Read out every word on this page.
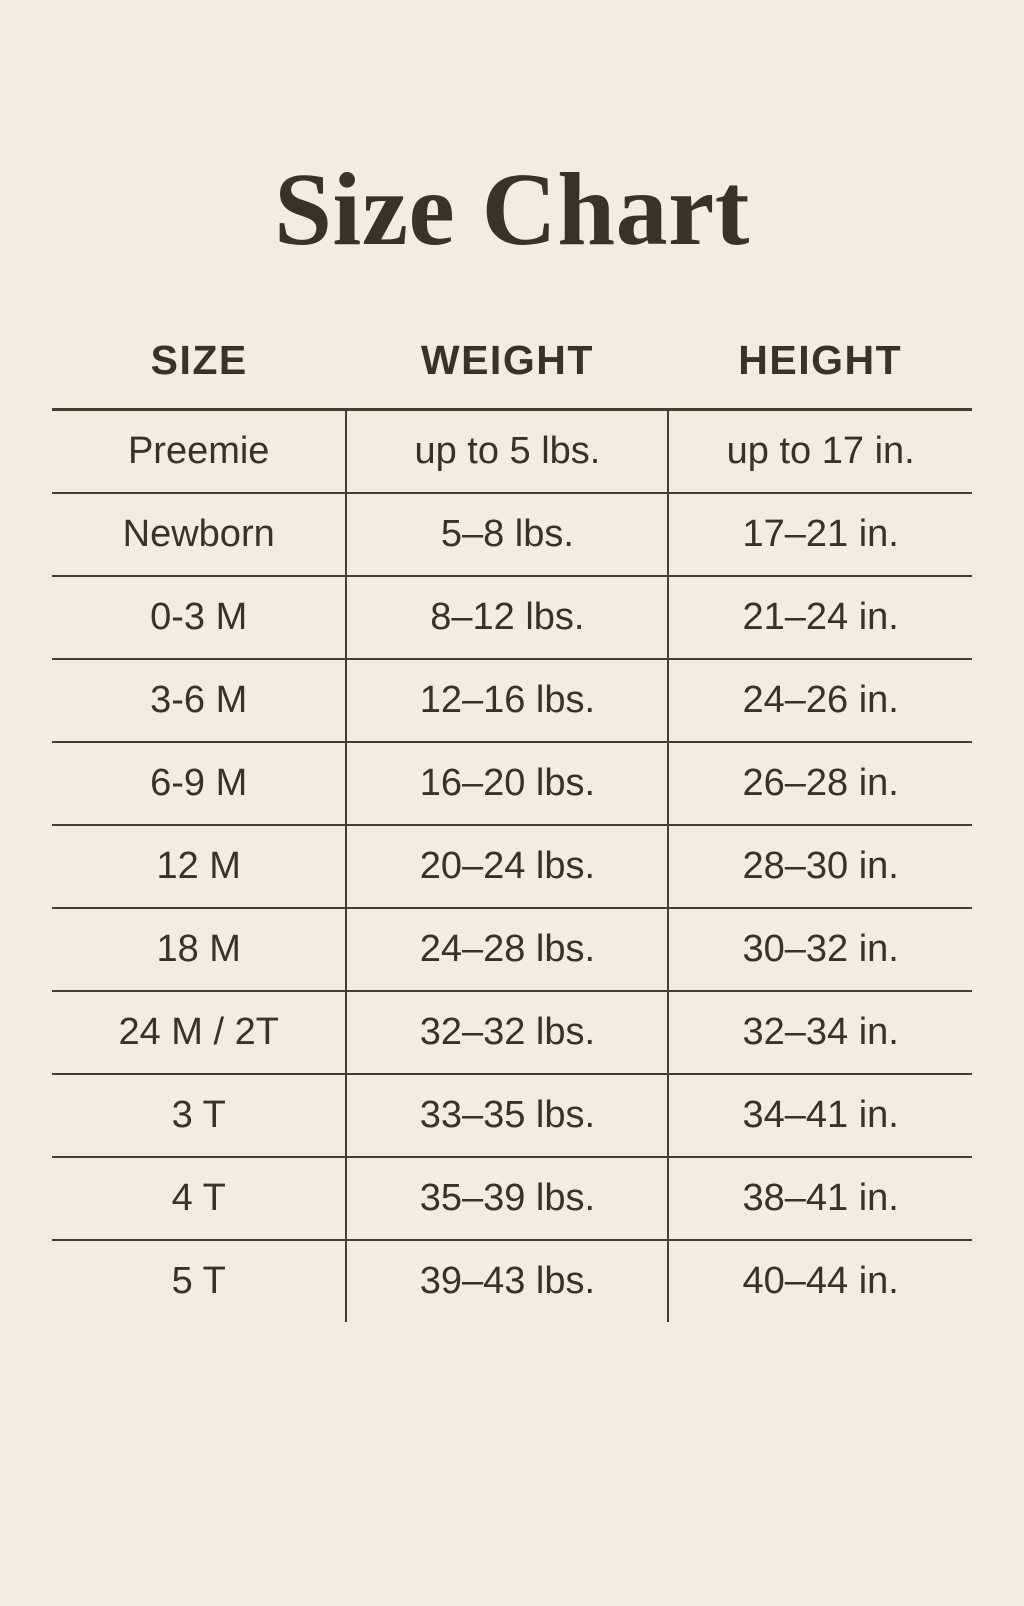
Size Chart
SIZE	WEIGHT	HEIGHT
Preemie	up to 5 lbs.	up to 17 in.
Newborn	5–8 lbs.	17–21 in.
0-3 M	8–12 lbs.	21–24 in.
3-6 M	12–16 lbs.	24–26 in.
6-9 M	16–20 lbs.	26–28 in.
12 M	20–24 lbs.	28–30 in.
18 M	24–28 lbs.	30–32 in.
24 M / 2T	32–32 lbs.	32–34 in.
3 T	33–35 lbs.	34–41 in.
4 T	35–39 lbs.	38–41 in.
5 T	39–43 lbs.	40–44 in.
